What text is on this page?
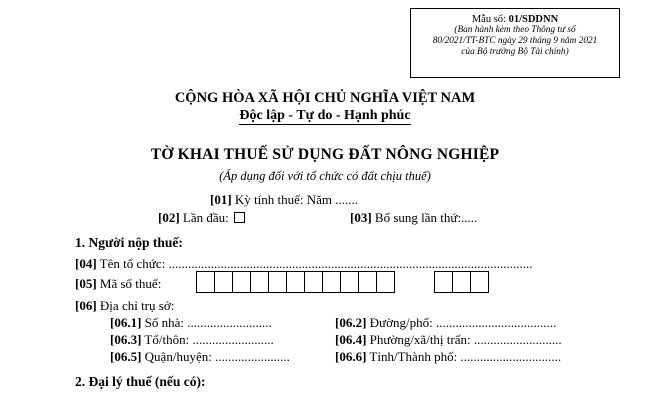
Mẫu số: 01/SDDNN
(Ban hành kèm theo Thông tư số
80/2021/TT-BTC ngày 29 tháng 9 năm 2021
của Bộ trưởng Bộ Tài chính)
CỘNG HÒA XÃ HỘI CHỦ NGHĨA VIỆT NAM
Độc lập - Tự do - Hạnh phúc
TỜ KHAI THUẾ SỬ DỤNG ĐẤT NÔNG NGHIỆP
(Áp dụng đối với tổ chức có đất chịu thuế)
[01] Kỳ tính thuế: Năm .......
[02] Lần đầu:	[03] Bổ sung lần thứ:.....
1. Người nộp thuế:
[04] Tên tổ chức: ................................................................................................................
[05] Mã số thuế:
[06] Địa chỉ trụ sở:
[06.1] Số nhà: ..........................	[06.2] Đường/phố: .....................................
[06.3] Tổ/thôn: .........................	[06.4] Phường/xã/thị trấn: ...........................
[06.5] Quận/huyện: .......................	[06.6] Tỉnh/Thành phố: ...............................
2. Đại lý thuế (nếu có):
